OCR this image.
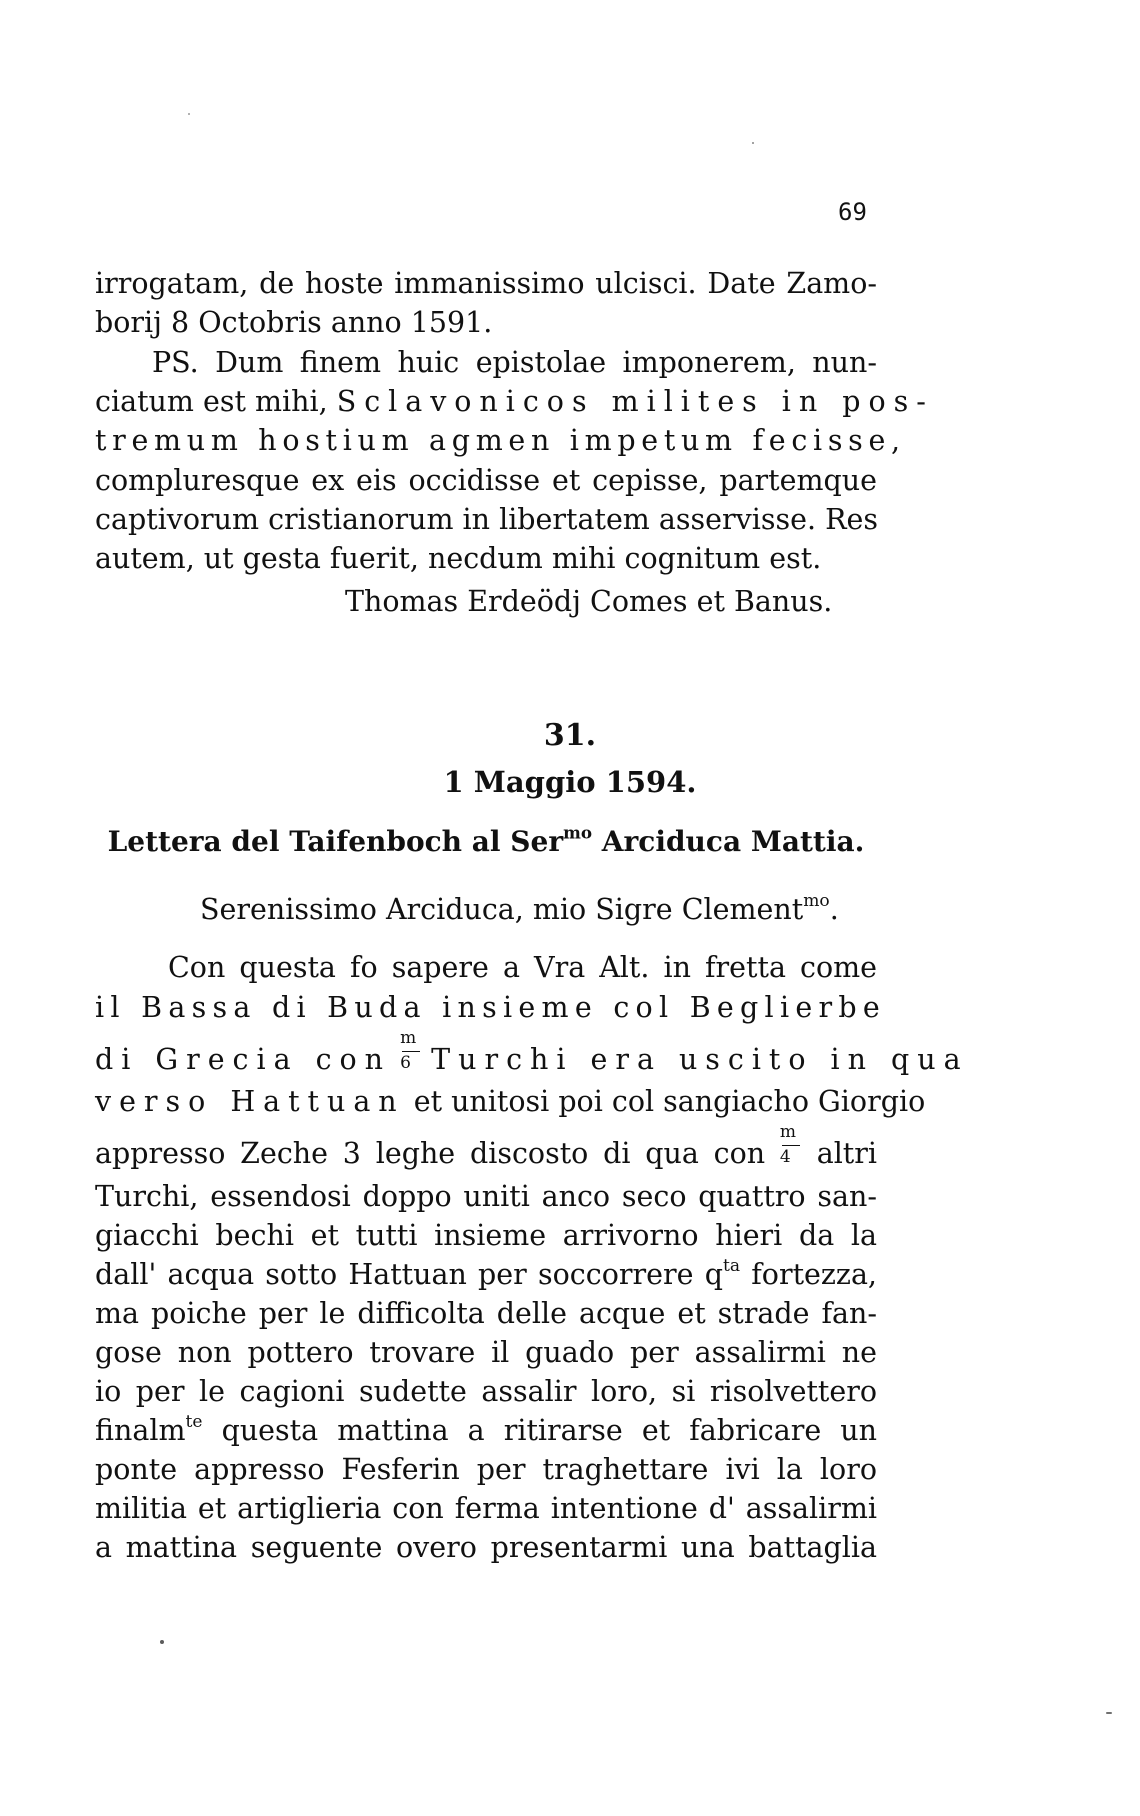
69
irrogatam, de hoste immanissimo ulcisci. Date Zamo-
borij 8 Octobris anno 1591.
PS. Dum finem huic epistolae imponerem, nun-
ciatum est mihi, Sclavonicos milites in pos-
tremum hostium agmen impetum fecisse,
compluresque ex eis occidisse et cepisse, partemque
captivorum cristianorum in libertatem asservisse. Res
autem, ut gesta fuerit, necdum mihi cognitum est.
Thomas Erdeödj Comes et Banus.
31.
1 Maggio 1594.
Lettera del Taifenboch al Ser$^{mo}$ Arciduca Mattia.
Serenissimo Arciduca, mio Sigre Clement$^{mo}$.
Con questa fo sapere a Vra Alt. in fretta come
il Bassa di Buda insieme col Beglierbe
di Grecia con $\frac{m}{6}$ Turchi era uscito in qua
verso Hattuan et unitosi poi col sangiacho Giorgio
appresso Zeche 3 leghe discosto di qua con $\frac{m}{4}$ altri
Turchi, essendosi doppo uniti anco seco quattro san-
giacchi bechi et tutti insieme arrivorno hieri da la
dall' acqua sotto Hattuan per soccorrere $q^{ta}$ fortezza,
ma poiche per le difficolta delle acque et strade fan-
gose non pottero trovare il guado per assalirmi ne
io per le cagioni sudette assalir loro, si risolvettero
finalm$^{te}$ questa mattina a ritirarse et fabricare un
ponte appresso Fesferin per traghettare ivi la loro
militia et artiglieria con ferma intentione d' assalirmi
a mattina seguente overo presentarmi una battaglia
